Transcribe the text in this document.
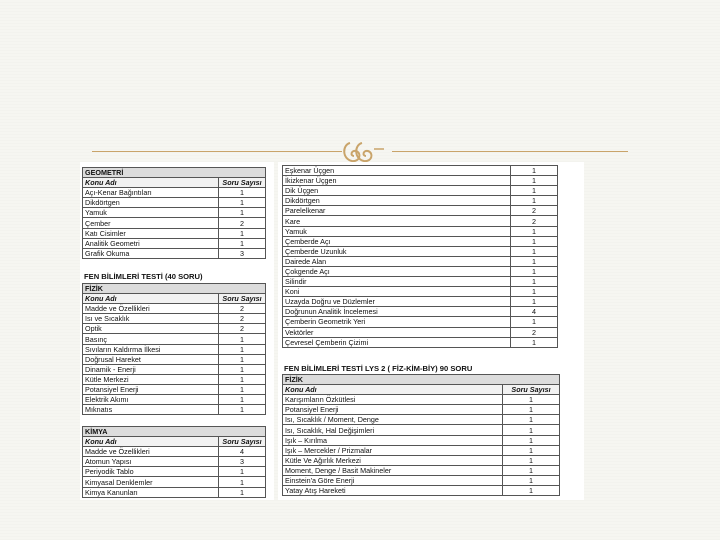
GEOMETRİ	
Konu Adı	Soru Sayısı
Açı-Kenar Bağıntıları	1
Dikdörtgen	1
Yamuk	1
Çember	2
Katı Cisimler	1
Analitik Geometri	1
Grafik Okuma	3
FEN BİLİMLERİ TESTİ (40 SORU)
FİZİK	
Konu Adı	Soru Sayısı
Madde ve Özellikleri	2
Isı ve Sıcaklık	2
Optik	2
Basınç	1
Sıvıların Kaldırma İlkesi	1
Doğrusal Hareket	1
Dinamik - Enerji	1
Kütle Merkezi	1
Potansiyel Enerji	1
Elektrik Akımı	1
Mıknatıs	1
KİMYA	
Konu Adı	Soru Sayısı
Madde ve Özellikleri	4
Atomun Yapısı	3
Periyodik Tablo	1
Kimyasal Denklemler	1
Kimya Kanunları	1
Eşkenar Üçgen	1
İkizkenar Üçgen	1
Dik Üçgen	1
Dikdörtgen	1
Parelelkenar	2
Kare	2
Yamuk	1
Çemberde Açı	1
Çemberde Uzunluk	1
Dairede Alan	1
Çokgende Açı	1
Silindir	1
Koni	1
Uzayda Doğru ve Düzlemler	1
Doğrunun Analitik İncelemesi	4
Çemberin Geometrik Yeri	1
Vektörler	2
Çevresel Çemberin Çizimi	1
FEN BİLİMLERİ TESTİ LYS 2 ( FİZ-KİM-BİY) 90 SORU
FİZİK	
Konu Adı	Soru Sayısı
Karışımların Özkütlesi	1
Potansiyel Enerji	1
Isı, Sıcaklık / Moment, Denge	1
Isı, Sıcaklık, Hal Değişimleri	1
Işık – Kırılma	1
Işık – Mercekler / Prizmalar	1
Kütle Ve Ağırlık Merkezi	1
Moment, Denge / Basit Makineler	1
Einstein'a Göre Enerji	1
Yatay Atış Hareketi	1
